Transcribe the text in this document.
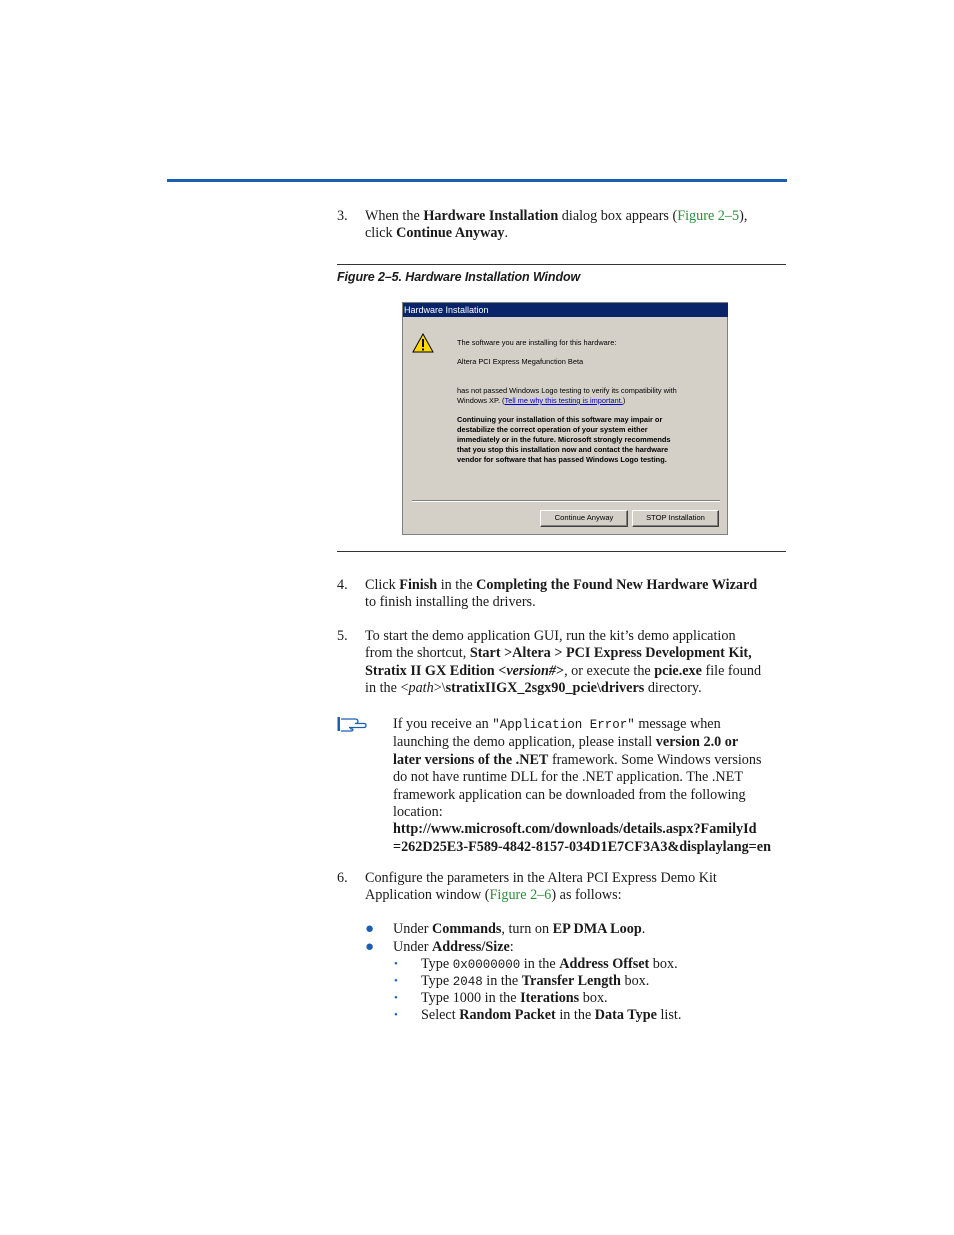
3.	When the Hardware Installation dialog box appears (Figure 2–5),
click Continue Anyway.
Figure 2–5. Hardware Installation Window
Hardware Installation
The software you are installing for this hardware:
Altera PCI Express Megafunction Beta
has not passed Windows Logo testing to verify its compatibility with
Windows XP. (Tell me why this testing is important.)
Continuing your installation of this software may impair or
destabilize the correct operation of your system either
immediately or in the future. Microsoft strongly recommends
that you stop this installation now and contact the hardware
vendor for software that has passed Windows Logo testing.
Continue Anyway	STOP Installation
4.	Click Finish in the Completing the Found New Hardware Wizard
to finish installing the drivers.
5.	To start the demo application GUI, run the kit’s demo application
from the shortcut, Start >Altera > PCI Express Development Kit,
Stratix II GX Edition <version#>, or execute the pcie.exe file found
in the <path>\stratixIIGX_2sgx90_pcie\drivers directory.
If you receive an "Application Error" message when
launching the demo application, please install version 2.0 or
later versions of the .NET framework. Some Windows versions
do not have runtime DLL for the .NET application. The .NET
framework application can be downloaded from the following
location:
http://www.microsoft.com/downloads/details.aspx?FamilyId
=262D25E3-F589-4842-8157-034D1E7CF3A3&displaylang=en
6.	Configure the parameters in the Altera PCI Express Demo Kit
Application window (Figure 2–6) as follows:
● Under Commands, turn on EP DMA Loop.
● Under Address/Size:
•	Type 0x0000000 in the Address Offset box.
•	Type 2048 in the Transfer Length box.
•	Type 1000 in the Iterations box.
•	Select Random Packet in the Data Type list.
